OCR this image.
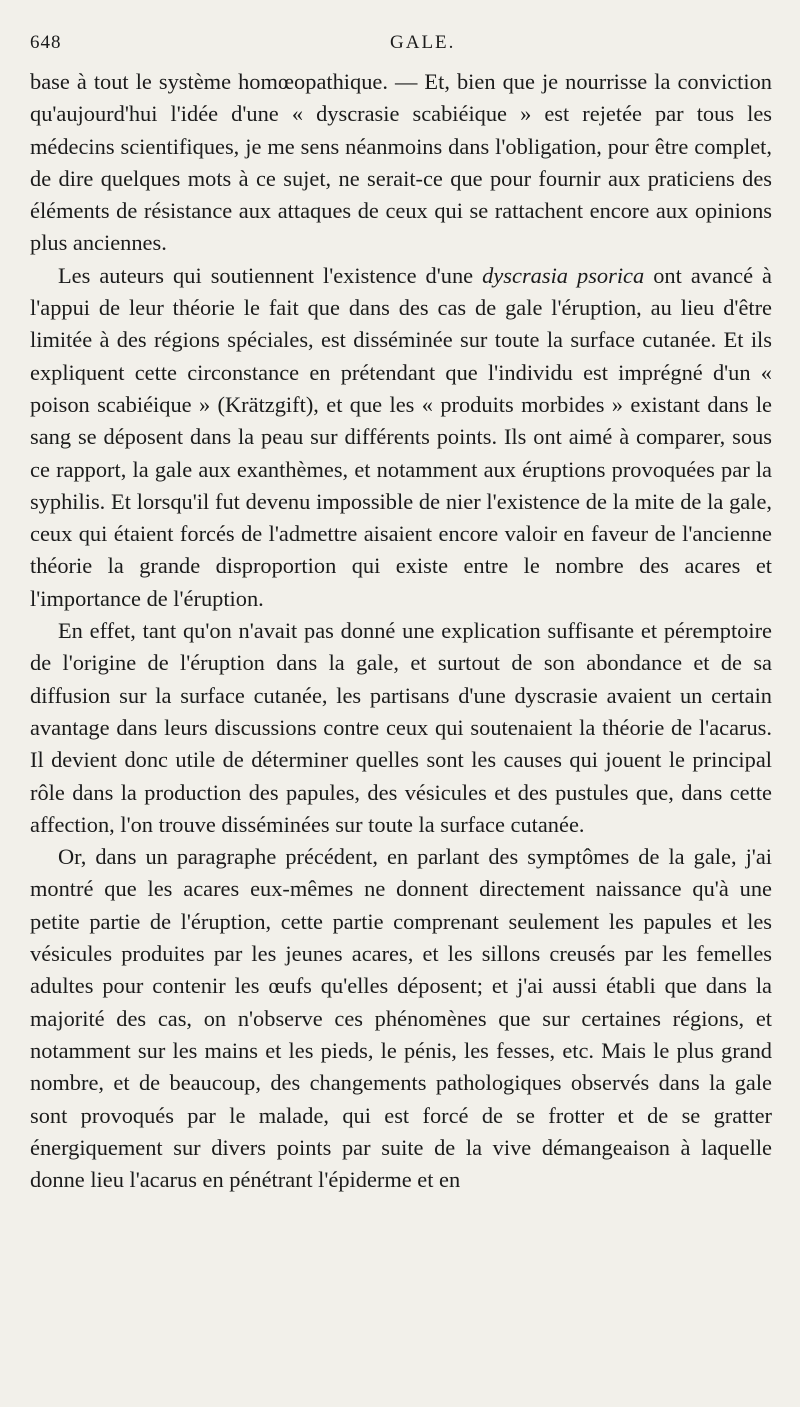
648	GALE.

base à tout le système homœopathique. — Et, bien que je nourrisse la conviction qu'aujourd'hui l'idée d'une « dyscrasie scabiéique » est rejetée par tous les médecins scientifiques, je me sens néanmoins dans l'obligation, pour être complet, de dire quelques mots à ce sujet, ne serait-ce que pour fournir aux praticiens des éléments de résistance aux attaques de ceux qui se rattachent encore aux opinions plus anciennes.

Les auteurs qui soutiennent l'existence d'une dyscrasia psorica ont avancé à l'appui de leur théorie le fait que dans des cas de gale l'éruption, au lieu d'être limitée à des régions spéciales, est disséminée sur toute la surface cutanée. Et ils expliquent cette circonstance en prétendant que l'individu est imprégné d'un « poison scabiéique » (Krätzgift), et que les « produits morbides » existant dans le sang se déposent dans la peau sur différents points. Ils ont aimé à comparer, sous ce rapport, la gale aux exanthèmes, et notamment aux éruptions provoquées par la syphilis. Et lorsqu'il fut devenu impossible de nier l'existence de la mite de la gale, ceux qui étaient forcés de l'admettre aisaient encore valoir en faveur de l'ancienne théorie la grande disproportion qui existe entre le nombre des acares et l'importance de l'éruption.

En effet, tant qu'on n'avait pas donné une explication suffisante et péremptoire de l'origine de l'éruption dans la gale, et surtout de son abondance et de sa diffusion sur la surface cutanée, les partisans d'une dyscrasie avaient un certain avantage dans leurs discussions contre ceux qui soutenaient la théorie de l'acarus. Il devient donc utile de déterminer quelles sont les causes qui jouent le principal rôle dans la production des papules, des vésicules et des pustules que, dans cette affection, l'on trouve disséminées sur toute la surface cutanée.

Or, dans un paragraphe précédent, en parlant des symptômes de la gale, j'ai montré que les acares eux-mêmes ne donnent directement naissance qu'à une petite partie de l'éruption, cette partie comprenant seulement les papules et les vésicules produites par les jeunes acares, et les sillons creusés par les femelles adultes pour contenir les œufs qu'elles déposent; et j'ai aussi établi que dans la majorité des cas, on n'observe ces phénomènes que sur certaines régions, et notamment sur les mains et les pieds, le pénis, les fesses, etc. Mais le plus grand nombre, et de beaucoup, des changements pathologiques observés dans la gale sont provoqués par le malade, qui est forcé de se frotter et de se gratter énergiquement sur divers points par suite de la vive démangeaison à laquelle donne lieu l'acarus en pénétrant l'épiderme et en
